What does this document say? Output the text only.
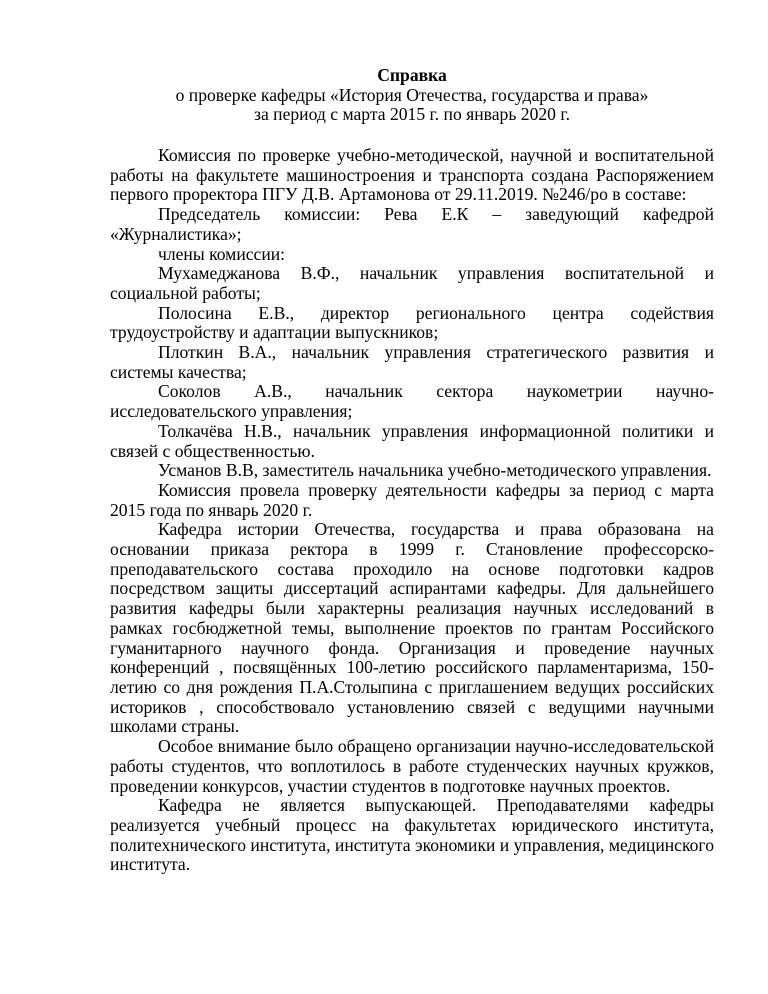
Справка
о проверке кафедры «История Отечества, государства и права»
за период с марта 2015 г. по январь 2020 г.

Комиссия по проверке учебно-методической, научной и воспитательной работы на факультете машиностроения и транспорта создана Распоряжением первого проректора ПГУ Д.В. Артамонова от 29.11.2019. №246/ро в составе:

Председатель комиссии: Рева Е.К – заведующий кафедрой «Журналистика»;

члены комиссии:

Мухамеджанова В.Ф., начальник управления воспитательной и социальной работы;

Полосина Е.В., директор регионального центра содействия трудоустройству и адаптации выпускников;

Плоткин В.А., начальник управления стратегического развития и системы качества;

Соколов А.В., начальник сектора наукометрии научно-исследовательского управления;

Толкачёва Н.В., начальник управления информационной политики и связей с общественностью.

Усманов В.В, заместитель начальника учебно-методического управления.

Комиссия провела проверку деятельности кафедры за период с марта 2015 года по январь 2020 г.

Кафедра истории Отечества, государства и права образована на основании приказа ректора в 1999 г. Становление профессорско-преподавательского состава проходило на основе подготовки кадров посредством защиты диссертаций аспирантами кафедры. Для дальнейшего развития кафедры были характерны реализация научных исследований в рамках госбюджетной темы, выполнение проектов по грантам Российского гуманитарного научного фонда. Организация и проведение научных конференций , посвящённых 100-летию российского парламентаризма, 150-летию со дня рождения П.А.Столыпина с приглашением ведущих российских историков , способствовало установлению связей с ведущими научными школами страны.

Особое внимание было обращено организации научно-исследовательской работы студентов, что воплотилось в работе студенческих научных кружков, проведении конкурсов, участии студентов в подготовке научных проектов.

Кафедра не является выпускающей. Преподавателями кафедры реализуется учебный процесс на факультетах юридического института, политехнического института, института экономики и управления, медицинского института.
